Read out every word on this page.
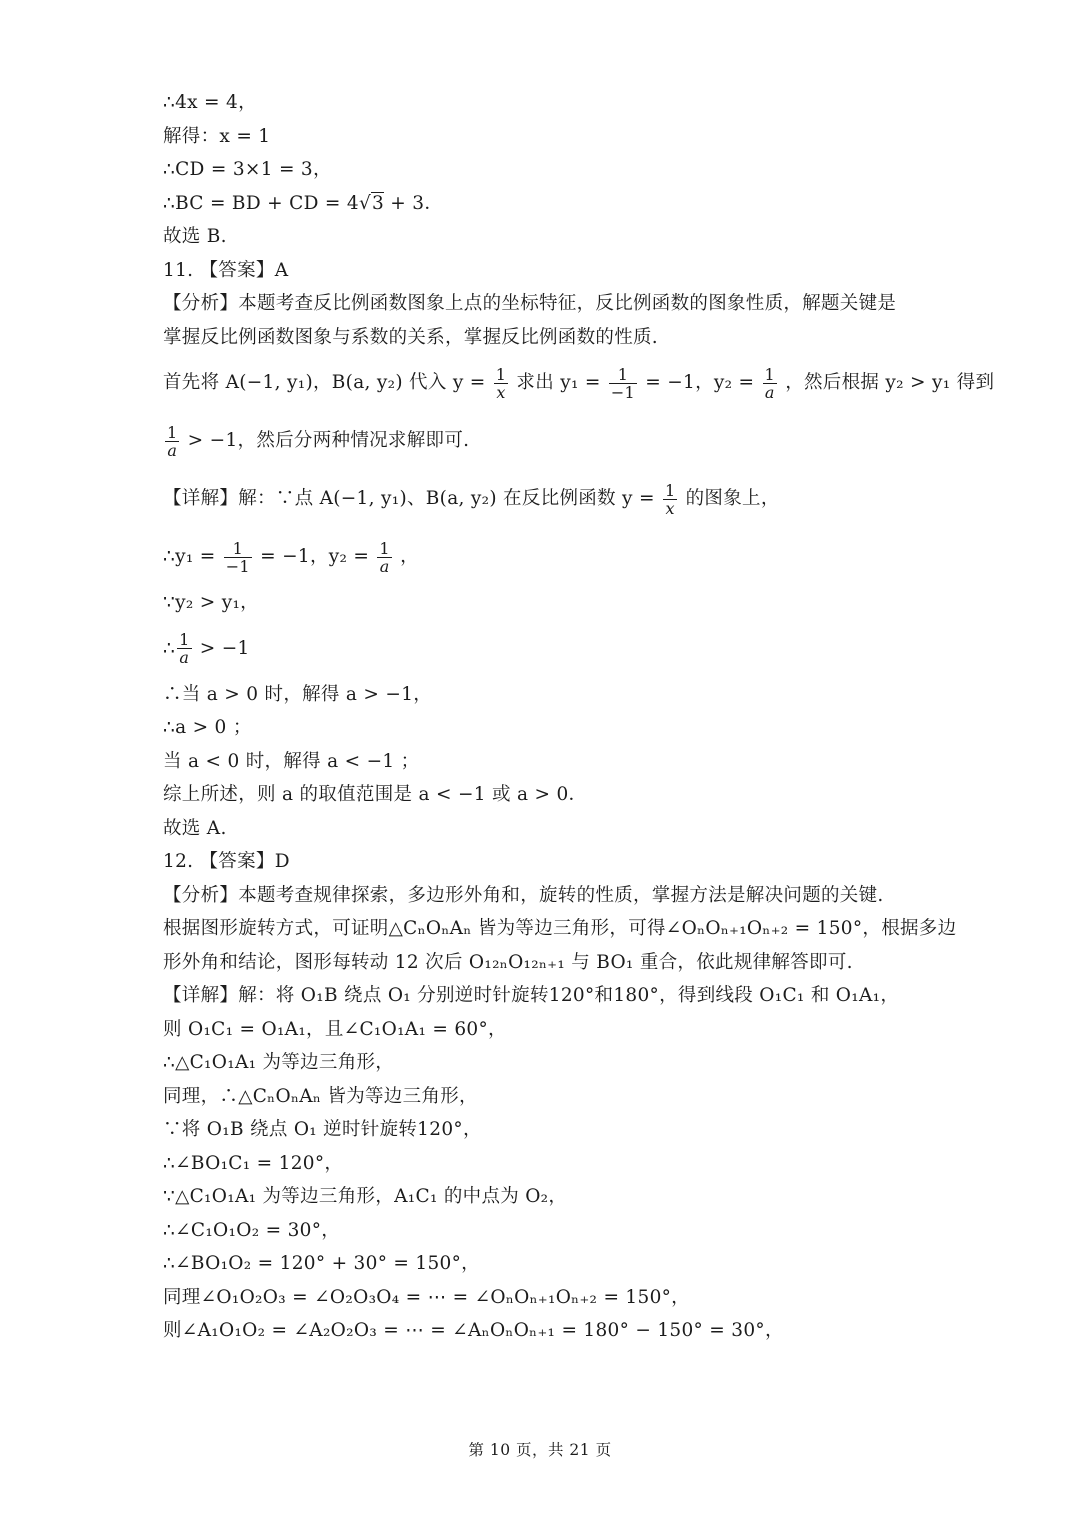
∴4x = 4，
解得：x = 1
∴CD = 3×1 = 3，
∴BC = BD + CD = 4√3 + 3．
故选 B.
11. 【答案】A
【分析】本题考查反比例函数图象上点的坐标特征，反比例函数的图象性质，解题关键是
掌握反比例函数图象与系数的关系，掌握反比例函数的性质.
首先将 A(−1, y₁)，B(a, y₂) 代入 $y = \frac{1}{x}$ 求出 $y_1 = \frac{1}{-1} = -1$，$y_2 = \frac{1}{a}$ ，然后根据 y₂ > y₁ 得到
$\frac{1}{a} > -1$，然后分两种情况求解即可.
【详解】解：∵点 A(−1, y₁)、B(a, y₂) 在反比例函数 $y = \frac{1}{x}$ 的图象上，
∴y₁ = $\frac{1}{-1} = -1$，$y_2 = \frac{1}{a}$ ，
∵y₂ > y₁，
∴ $\frac{1}{a} > -1$
∴当 a > 0 时，解得 a > −1，
∴a > 0 ；
当 a < 0 时，解得 a < −1 ；
综上所述，则 a 的取值范围是 a < −1 或 a > 0．
故选 A.
12. 【答案】D
【分析】本题考查规律探索，多边形外角和，旋转的性质，掌握方法是解决问题的关键.
根据图形旋转方式，可证明△CₙOₙAₙ 皆为等边三角形，可得∠OₙOₙ₊₁Oₙ₊₂ = 150°，根据多边
形外角和结论，图形每转动 12 次后 O₁₂ₙO₁₂ₙ₊₁ 与 BO₁ 重合，依此规律解答即可.
【详解】解：将 O₁B 绕点 O₁ 分别逆时针旋转120°和180°，得到线段 O₁C₁ 和 O₁A₁，
则 O₁C₁ = O₁A₁，且∠C₁O₁A₁ = 60°，
∴△C₁O₁A₁ 为等边三角形，
同理，∴△CₙOₙAₙ 皆为等边三角形，
∵将 O₁B 绕点 O₁ 逆时针旋转120°，
∴∠BO₁C₁ = 120°，
∵△C₁O₁A₁ 为等边三角形，A₁C₁ 的中点为 O₂，
∴∠C₁O₁O₂ = 30°，
∴∠BO₁O₂ = 120° + 30° = 150°，
同理∠O₁O₂O₃ = ∠O₂O₃O₄ = ⋯ = ∠OₙOₙ₊₁Oₙ₊₂ = 150°，
则∠A₁O₁O₂ = ∠A₂O₂O₃ = ⋯ = ∠AₙOₙOₙ₊₁ = 180° − 150° = 30°，
第 10 页，共 21 页
